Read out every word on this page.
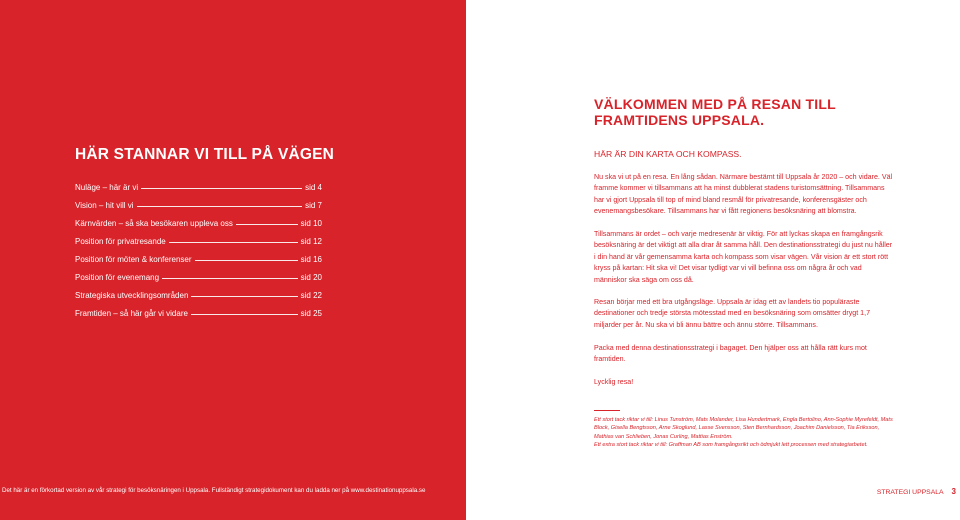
HÄR STANNAR VI TILL PÅ VÄGEN
Nuläge – här är vi	sid 4
Vision – hit vill vi	sid 7
Kärnvärden – så ska besökaren uppleva oss	sid 10
Position för privatresande	sid 12
Position för möten & konferenser	sid 16
Position för evenemang	sid 20
Strategiska utvecklingsområden	sid 22
Framtiden – så här går vi vidare	sid 25
Det här är en förkortad version av vår strategi för besöksnäringen i Uppsala. Fullständigt strategidokument kan du ladda ner på www.destinationuppsala.se
VÄLKOMMEN MED PÅ RESAN TILL FRAMTIDENS UPPSALA.
HÄR ÄR DIN KARTA OCH KOMPASS.

Nu ska vi ut på en resa. En lång sådan. Närmare bestämt till Uppsala år 2020 – och vidare. Väl framme kommer vi tillsammans att ha minst dubblerat stadens turistomsättning. Tillsammans har vi gjort Uppsala till top of mind bland resmål för privatresande, konferensgäster och evenemangsbesökare. Tillsammans har vi fått regionens besöksnäring att blomstra.

Tillsammans är ordet – och varje medresenär är viktig. För att lyckas skapa en framgångsrik besöksnäring är det viktigt att alla drar åt samma håll. Den destinationsstrategi du just nu håller i din hand är vår gemensamma karta och kompass som visar vägen. Vår vision är ett stort rött kryss på kartan: Hit ska vi! Det visar tydligt var vi vill befinna oss om några år och vad människor ska säga om oss då.

Resan börjar med ett bra utgångsläge. Uppsala är idag ett av landets tio populäraste destinationer och tredje största mötesstad med en besöksnäring som omsätter drygt 1,7 miljarder per år. Nu ska vi bli ännu bättre och ännu större. Tillsammans.

Packa med denna destinationsstrategi i bagaget. Den hjälper oss att hålla rätt kurs mot framtiden.

Lycklig resa!

Ett stort tack riktar vi till: Linus Tunström, Mats Molander, Lisa Hundertmark, Engla Bertolino, Ann-Sophie Myrefeldt, Mats Block, Gisella Bengtsson, Arne Skoglund, Lasse Svensson, Sten Bernhardsson, Joachim Danielsson, Tia Eriksson, Mathias van Schlieben, Jonas Curling, Mattias Enström.

Ett extra stort tack riktar vi till: Graffman AB som framgångsrikt och ödmjukt lett processen med strategiarbetet.

STRATEGI UPPSALA 3
